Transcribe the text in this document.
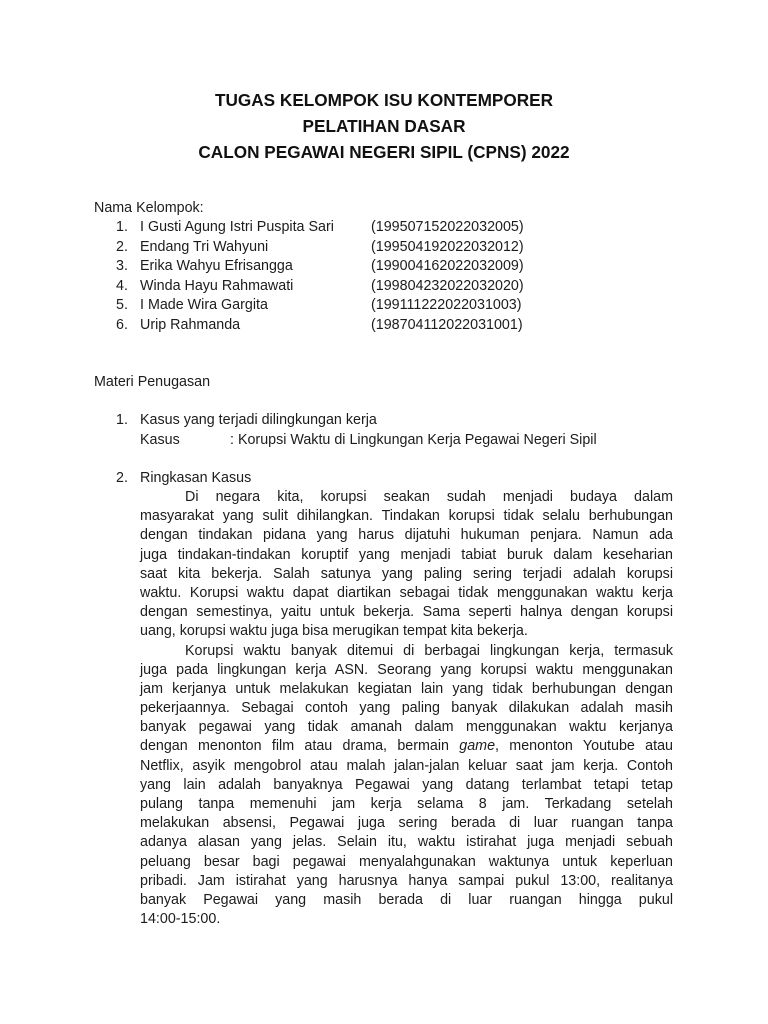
TUGAS KELOMPOK ISU KONTEMPORER
PELATIHAN DASAR
CALON PEGAWAI NEGERI SIPIL (CPNS) 2022
Nama Kelompok:
1. I Gusti Agung Istri Puspita Sari	(199507152022032005)
2. Endang Tri Wahyuni	(199504192022032012)
3. Erika Wahyu Efrisangga	(199004162022032009)
4. Winda Hayu Rahmawati	(199804232022032020)
5. I Made Wira Gargita	(199111222022031003)
6. Urip Rahmanda	(198704112022031001)
Materi Penugasan
1. Kasus yang terjadi dilingkungan kerja
Kasus	: Korupsi Waktu di Lingkungan Kerja Pegawai Negeri Sipil
2. Ringkasan Kasus
Di negara kita, korupsi seakan sudah menjadi budaya dalam
masyarakat yang sulit dihilangkan. Tindakan korupsi tidak selalu berhubungan
dengan tindakan pidana yang harus dijatuhi hukuman penjara. Namun ada
juga tindakan-tindakan koruptif yang menjadi tabiat buruk dalam keseharian
saat kita bekerja. Salah satunya yang paling sering terjadi adalah korupsi
waktu. Korupsi waktu dapat diartikan sebagai tidak menggunakan waktu kerja
dengan semestinya, yaitu untuk bekerja. Sama seperti halnya dengan korupsi
uang, korupsi waktu juga bisa merugikan tempat kita bekerja.
Korupsi waktu banyak ditemui di berbagai lingkungan kerja, termasuk
juga pada lingkungan kerja ASN. Seorang yang korupsi waktu menggunakan
jam kerjanya untuk melakukan kegiatan lain yang tidak berhubungan dengan
pekerjaannya. Sebagai contoh yang paling banyak dilakukan adalah masih
banyak pegawai yang tidak amanah dalam menggunakan waktu kerjanya
dengan menonton film atau drama, bermain game, menonton Youtube atau
Netflix, asyik mengobrol atau malah jalan-jalan keluar saat jam kerja. Contoh
yang lain adalah banyaknya Pegawai yang datang terlambat tetapi tetap
pulang tanpa memenuhi jam kerja selama 8 jam. Terkadang setelah
melakukan absensi, Pegawai juga sering berada di luar ruangan tanpa
adanya alasan yang jelas. Selain itu, waktu istirahat juga menjadi sebuah
peluang besar bagi pegawai menyalahgunakan waktunya untuk keperluan
pribadi. Jam istirahat yang harusnya hanya sampai pukul 13:00, realitanya
banyak Pegawai yang masih berada di luar ruangan hingga pukul
14:00-15:00.
